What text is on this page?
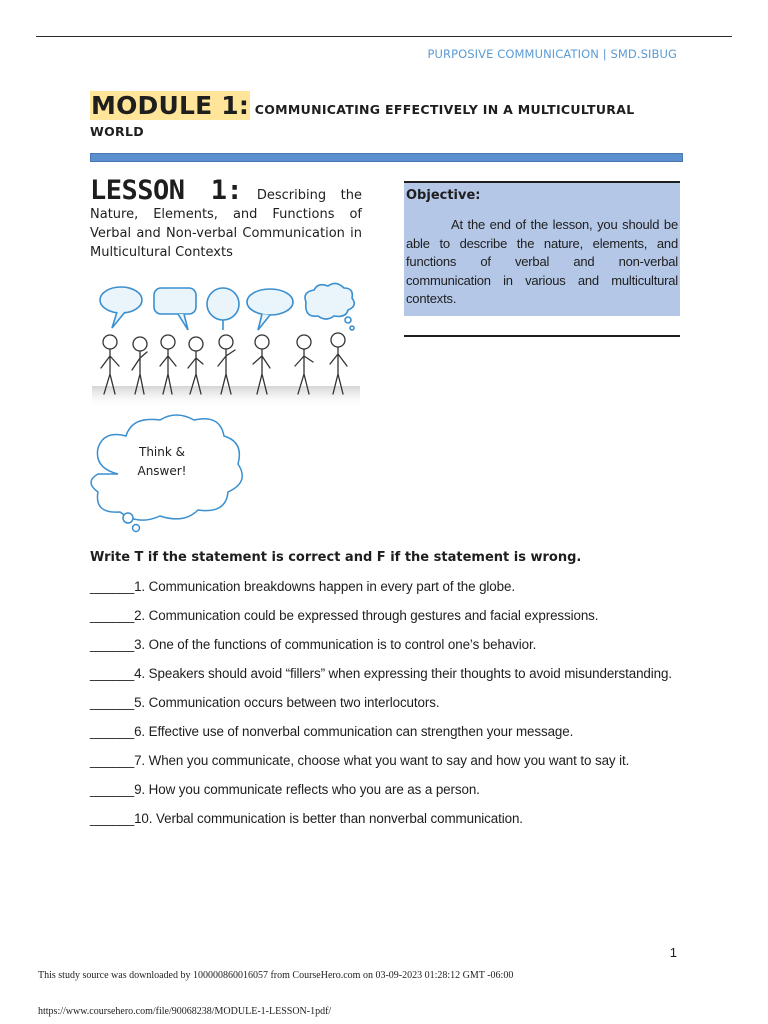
PURPOSIVE COMMUNICATION | SMD.SIBUG
MODULE 1: COMMUNICATING EFFECTIVELY IN A MULTICULTURAL
WORLD
LESSON 1: Describing the Nature, Elements, and Functions of Verbal and Non-verbal Communication in Multicultural Contexts
Objective:
At the end of the lesson, you should be able to describe the nature, elements, and functions of verbal and non-verbal communication in various and multicultural contexts.
Think &
Answer!
Write T if the statement is correct and F if the statement is wrong.
______1. Communication breakdowns happen in every part of the globe.
______2. Communication could be expressed through gestures and facial expressions.
______3. One of the functions of communication is to control one’s behavior.
______4. Speakers should avoid “fillers” when expressing their thoughts to avoid misunderstanding.
______5. Communication occurs between two interlocutors.
______6. Effective use of nonverbal communication can strengthen your message.
______7. When you communicate, choose what you want to say and how you want to say it.
______9. How you communicate reflects who you are as a person.
______10. Verbal communication is better than nonverbal communication.
1
This study source was downloaded by 100000860016057 from CourseHero.com on 03-09-2023 01:28:12 GMT -06:00
https://www.coursehero.com/file/90068238/MODULE-1-LESSON-1pdf/
